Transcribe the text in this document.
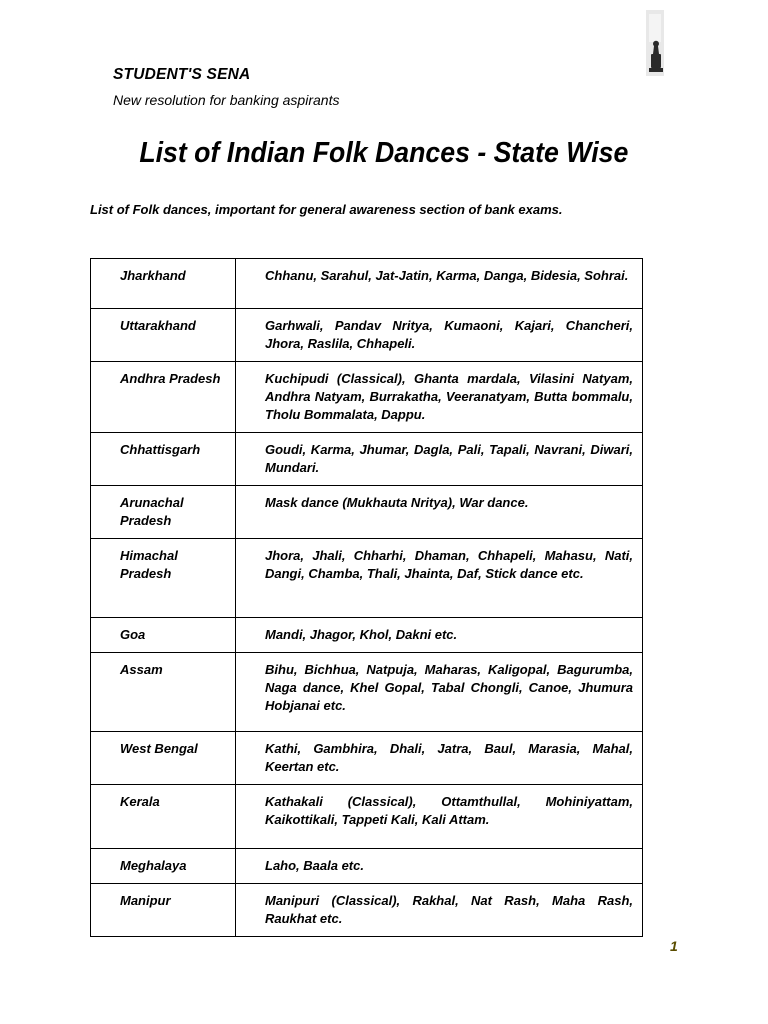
STUDENT'S SENA

New resolution for banking aspirants

List of Indian Folk Dances - State Wise

List of Folk dances, important for general awareness section of bank exams.

Jharkhand	Chhanu, Sarahul, Jat-Jatin, Karma, Danga, Bidesia, Sohrai.
Uttarakhand	Garhwali, Pandav Nritya, Kumaoni, Kajari, Chancheri, Jhora, Raslila, Chhapeli.
Andhra Pradesh	Kuchipudi (Classical), Ghanta mardala, Vilasini Natyam, Andhra Natyam, Burrakatha, Veeranatyam, Butta bommalu, Tholu Bommalata, Dappu.
Chhattisgarh	Goudi, Karma, Jhumar, Dagla, Pali, Tapali, Navrani, Diwari, Mundari.
Arunachal Pradesh	Mask dance (Mukhauta Nritya), War dance.
Himachal Pradesh	Jhora, Jhali, Chharhi, Dhaman, Chhapeli, Mahasu, Nati, Dangi, Chamba, Thali, Jhainta, Daf, Stick dance etc.
Goa	Mandi, Jhagor, Khol, Dakni etc.
Assam	Bihu, Bichhua, Natpuja, Maharas, Kaligopal, Bagurumba, Naga dance, Khel Gopal, Tabal Chongli, Canoe, Jhumura Hobjanai etc.
West Bengal	Kathi, Gambhira, Dhali, Jatra, Baul, Marasia, Mahal, Keertan etc.
Kerala	Kathakali (Classical), Ottamthullal, Mohiniyattam, Kaikottikali, Tappeti Kali, Kali Attam.
Meghalaya	Laho, Baala etc.
Manipur	Manipuri (Classical), Rakhal, Nat Rash, Maha Rash, Raukhat etc.

1
